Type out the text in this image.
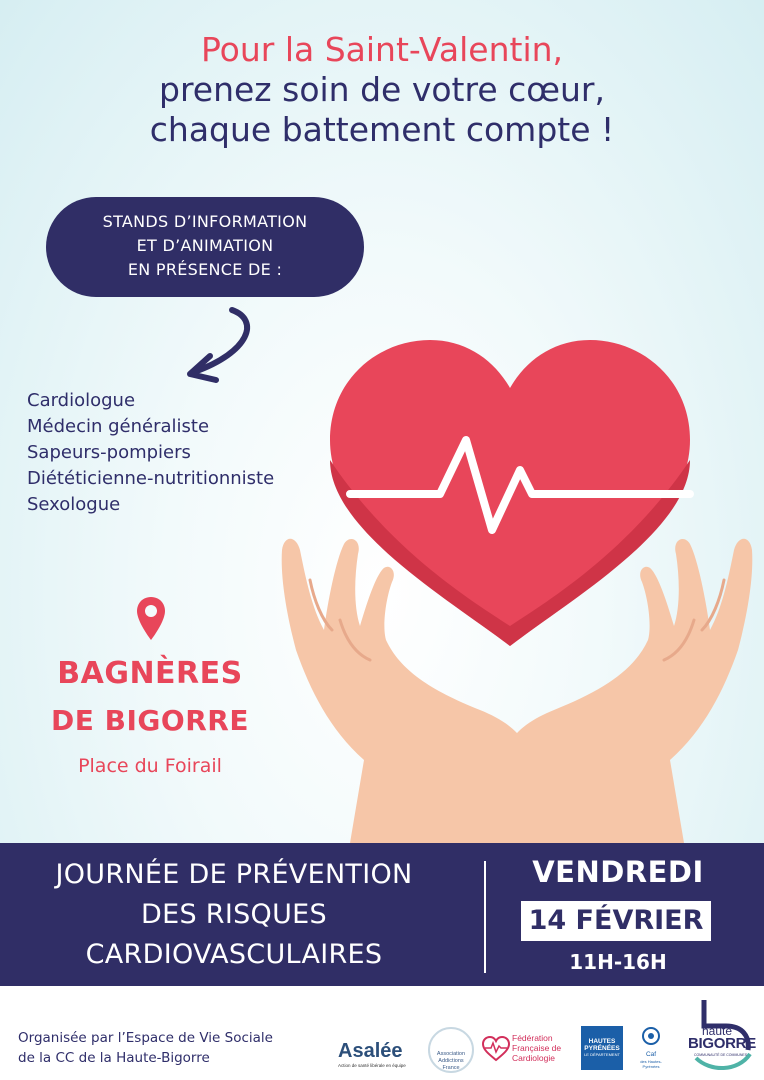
Pour la Saint-Valentin,
prenez soin de votre cœur,
chaque battement compte !
STANDS D’INFORMATION
ET D’ANIMATION
EN PRÉSENCE DE :
Cardiologue
Médecin généraliste
Sapeurs-pompiers
Diététicienne-nutritionniste
Sexologue
BAGNÈRES
DE BIGORRE
Place du Foirail
JOURNÉE DE PRÉVENTION
DES RISQUES
CARDIOVASCULAIRES
VENDREDI
14 FÉVRIER
11H-16H
Organisée par l’Espace de Vie Sociale
de la CC de la Haute-Bigorre	Asalée
Action de santé libérale en équipe
Association
Addictions
France
Fédération
Française de
Cardiologie
HAUTES
PYRÉNÉES
LE DÉPARTEMENT	Caf
des Hautes-Pyrénées
haute
BIGORRE
COMMUNAUTÉ DE COMMUNES
